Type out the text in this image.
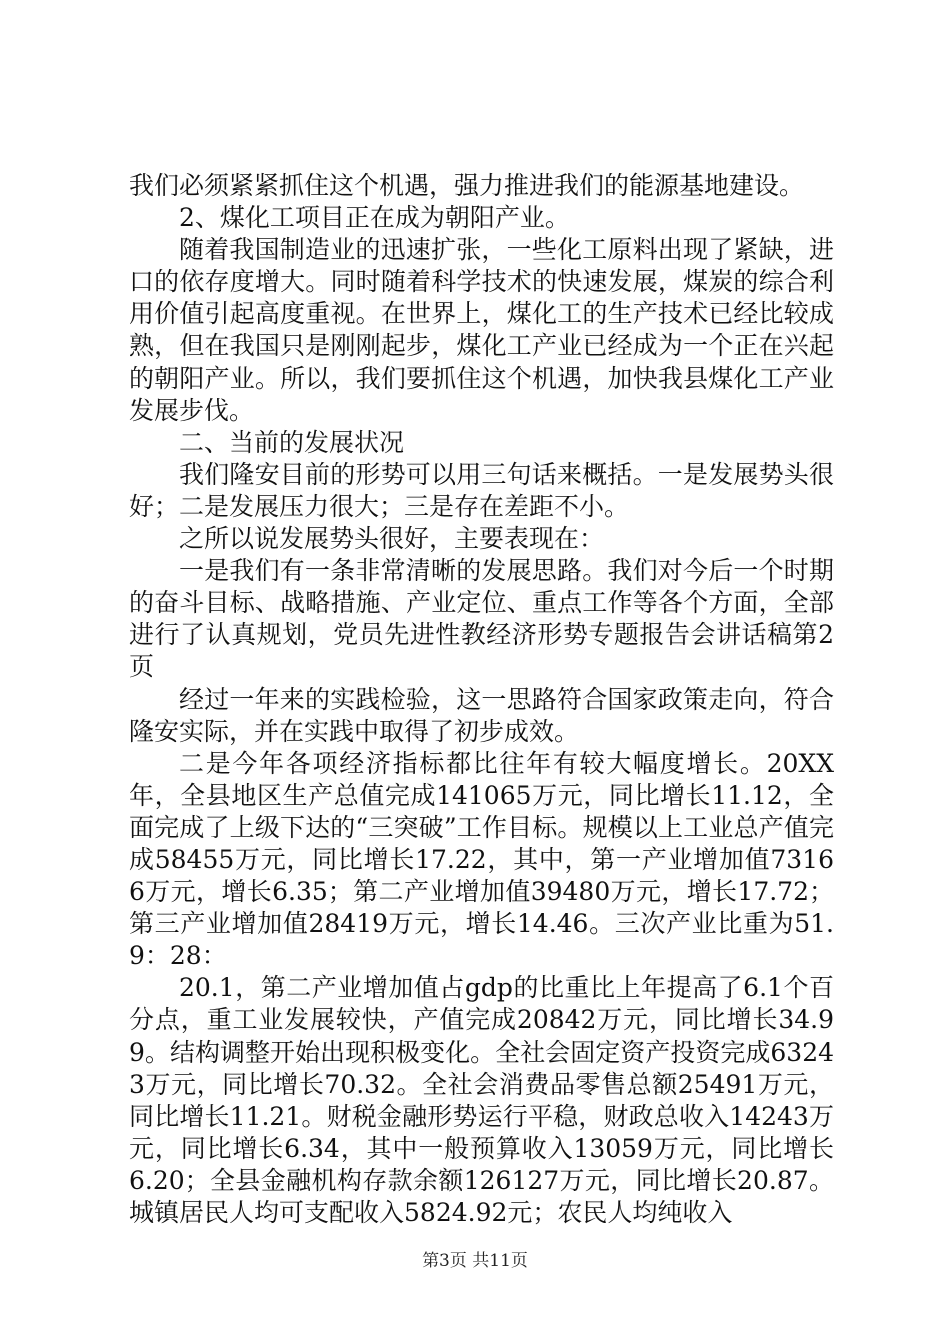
我们必须紧紧抓住这个机遇，强力推进我们的能源基地建设。

2、煤化工项目正在成为朝阳产业。

随着我国制造业的迅速扩张，一些化工原料出现了紧缺，进口的依存度增大。同时随着科学技术的快速发展，煤炭的综合利用价值引起高度重视。在世界上，煤化工的生产技术已经比较成熟，但在我国只是刚刚起步，煤化工产业已经成为一个正在兴起的朝阳产业。所以，我们要抓住这个机遇，加快我县煤化工产业发展步伐。

二、当前的发展状况

我们隆安目前的形势可以用三句话来概括。一是发展势头很好；二是发展压力很大；三是存在差距不小。

之所以说发展势头很好，主要表现在：

一是我们有一条非常清晰的发展思路。我们对今后一个时期的奋斗目标、战略措施、产业定位、重点工作等各个方面，全部进行了认真规划，党员先进性教经济形势专题报告会讲话稿第2页

经过一年来的实践检验，这一思路符合国家政策走向，符合隆安实际，并在实践中取得了初步成效。

二是今年各项经济指标都比往年有较大幅度增长。20XX年，全县地区生产总值完成141065万元，同比增长11.12，全面完成了上级下达的“三突破”工作目标。规模以上工业总产值完成58455万元，同比增长17.22，其中，第一产业增加值73166万元，增长6.35；第二产业增加值39480万元，增长17.72；第三产业增加值28419万元，增长14.46。三次产业比重为51.9：28：

20.1，第二产业增加值占gdp的比重比上年提高了6.1个百分点，重工业发展较快，产值完成20842万元，同比增长34.99。结构调整开始出现积极变化。全社会固定资产投资完成63243万元，同比增长70.32。全社会消费品零售总额25491万元，同比增长11.21。财税金融形势运行平稳，财政总收入14243万元，同比增长6.34，其中一般预算收入13059万元，同比增长6.20；全县金融机构存款余额126127万元，同比增长20.87。城镇居民人均可支配收入5824.92元；农民人均纯收入

第3页 共11页
